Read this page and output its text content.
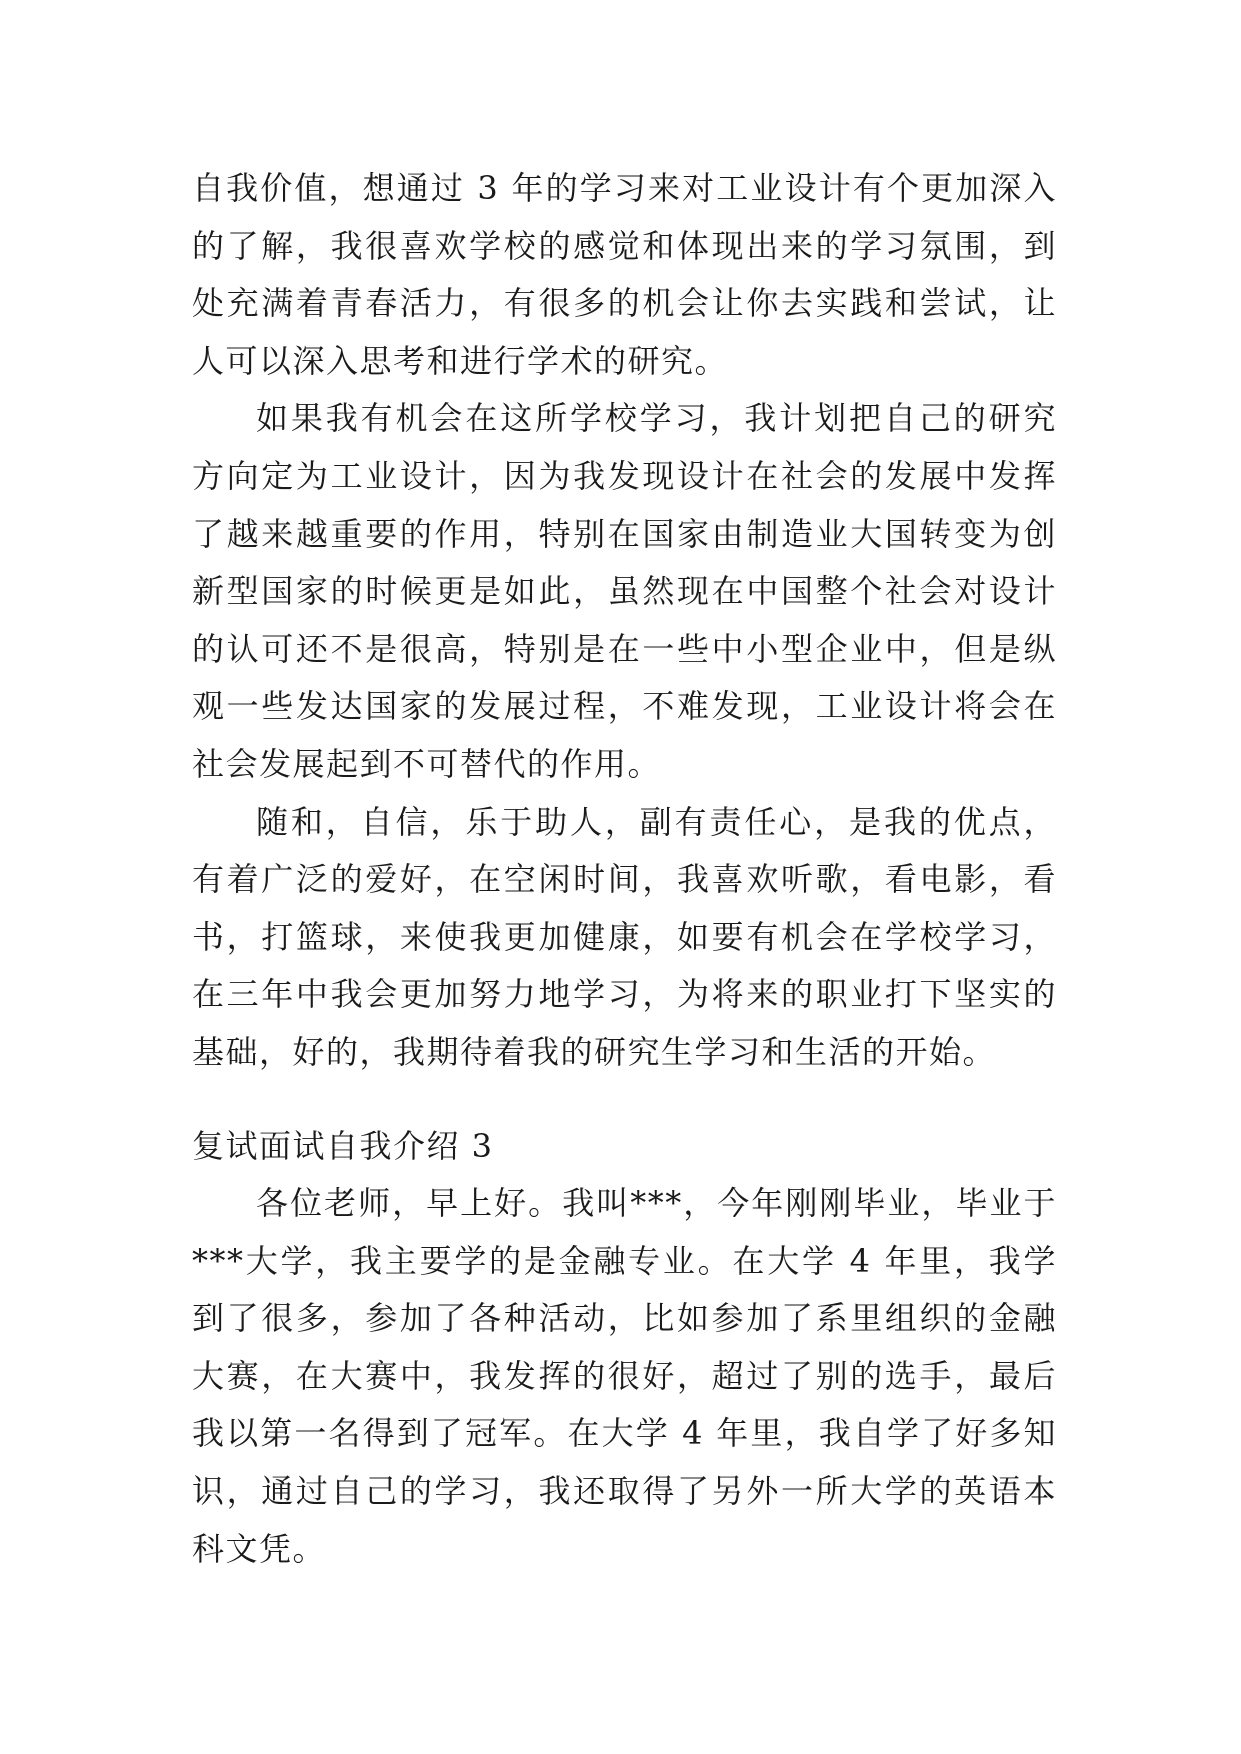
自我价值，想通过 3 年的学习来对工业设计有个更加深入的了解，我很喜欢学校的感觉和体现出来的学习氛围，到处充满着青春活力，有很多的机会让你去实践和尝试，让人可以深入思考和进行学术的研究。

如果我有机会在这所学校学习，我计划把自己的研究方向定为工业设计，因为我发现设计在社会的发展中发挥了越来越重要的作用，特别在国家由制造业大国转变为创新型国家的时候更是如此，虽然现在中国整个社会对设计的认可还不是很高，特别是在一些中小型企业中，但是纵观一些发达国家的发展过程，不难发现，工业设计将会在社会发展起到不可替代的作用。

随和，自信，乐于助人，副有责任心，是我的优点，有着广泛的爱好，在空闲时间，我喜欢听歌，看电影，看书，打篮球，来使我更加健康，如要有机会在学校学习，在三年中我会更加努力地学习，为将来的职业打下坚实的基础，好的，我期待着我的研究生学习和生活的开始。

复试面试自我介绍 3

各位老师，早上好。我叫***，今年刚刚毕业，毕业于***大学，我主要学的是金融专业。在大学 4 年里，我学到了很多，参加了各种活动，比如参加了系里组织的金融大赛，在大赛中，我发挥的很好，超过了别的选手，最后我以第一名得到了冠军。在大学 4 年里，我自学了好多知识，通过自己的学习，我还取得了另外一所大学的英语本科文凭。
